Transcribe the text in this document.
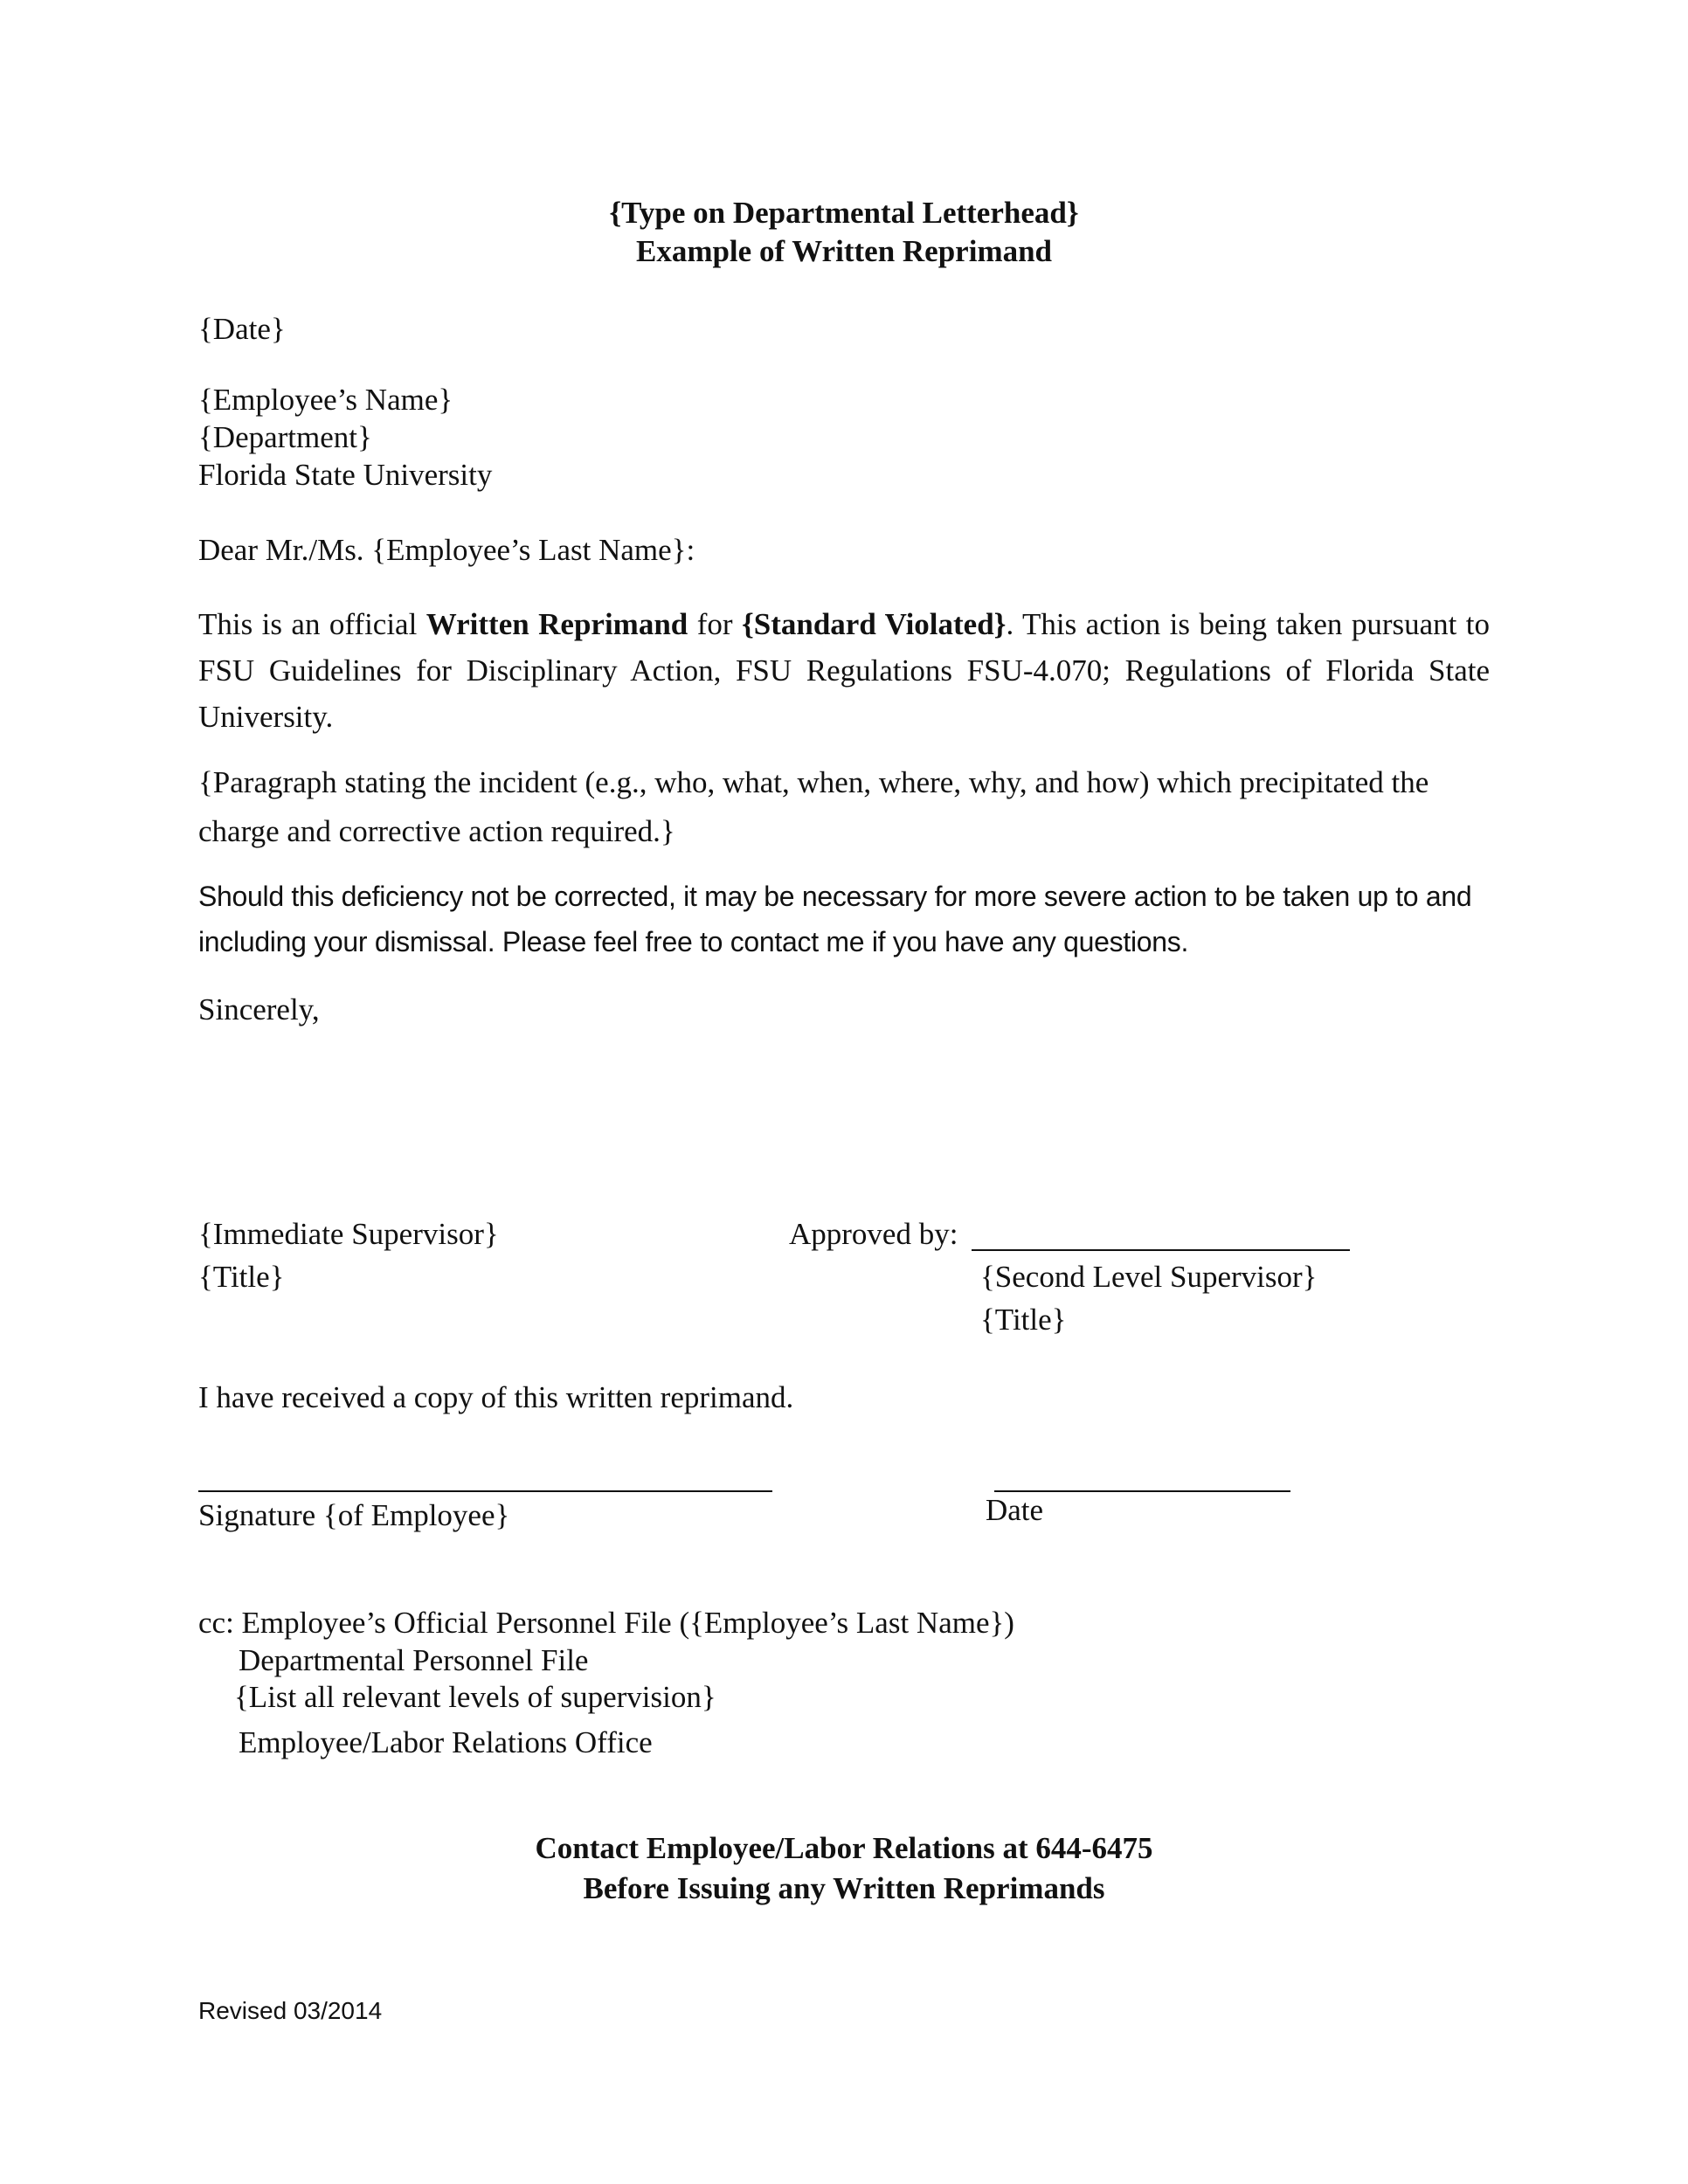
{Type on Departmental Letterhead}
Example of Written Reprimand
{Date}
{Employee’s Name}
{Department}
Florida State University
Dear Mr./Ms. {Employee’s Last Name}:
This is an official Written Reprimand for {Standard Violated}. This action is being taken pursuant to FSU Guidelines for Disciplinary Action, FSU Regulations FSU-4.070; Regulations of Florida State University.
{Paragraph stating the incident (e.g., who, what, when, where, why, and how) which precipitated the charge and corrective action required.}
Should this deficiency not be corrected, it may be necessary for more severe action to be taken up to and including your dismissal. Please feel free to contact me if you have any questions.
Sincerely,
{Immediate Supervisor}
{Title}
Approved by:
{Second Level Supervisor}
{Title}
I have received a copy of this written reprimand.
Signature {of Employee}	Date
cc: Employee’s Official Personnel File ({Employee’s Last Name})
Departmental Personnel File
{List all relevant levels of supervision}
Employee/Labor Relations Office
Contact Employee/Labor Relations at 644-6475
Before Issuing any Written Reprimands
Revised 03/2014
